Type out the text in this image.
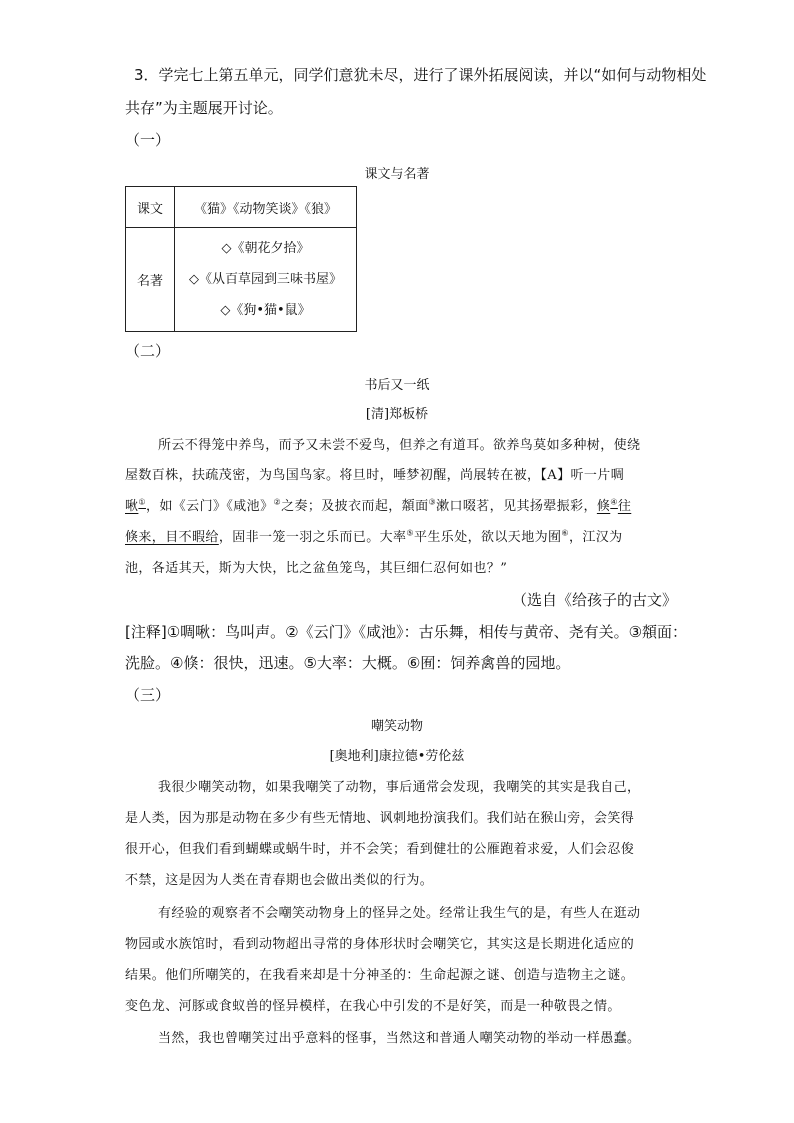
3．学完七上第五单元，同学们意犹未尽，进行了课外拓展阅读，并以“如何与动物相处
共存”为主题展开讨论。
（一）
课文与名著
课文	《猫》《动物笑谈》《狼》
名著	◇《朝花夕拾》
◇《从百草园到三味书屋》
◇《狗•猫•鼠》
（二）
书后又一纸
[清]郑板桥
所云不得笼中养鸟，而予又未尝不爱鸟，但养之有道耳。欲养鸟莫如多种树，使绕
屋数百株，扶疏茂密，为鸟国鸟家。将旦时，唾梦初醒，尚展转在被，【A】听一片啁
啾①，如《云门》《咸池》②之奏；及披衣而起，頮面③漱口啜茗，见其扬翚振彩，倏④往
倏来，目不暇给，固非一笼一羽之乐而已。大率⑤平生乐处，欲以天地为囿⑥，江汉为
池，各适其天，斯为大快，比之盆鱼笼鸟，其巨细仁忍何如也？”
（选自《给孩子的古文》
[注释]①啁啾：鸟叫声。②《云门》《咸池》：古乐舞，相传与黄帝、尧有关。③頮面：
洗脸。④倏：很快，迅速。⑤大率：大概。⑥囿：饲养禽兽的园地。
（三）
嘲笑动物
[奥地利]康拉德•劳伦兹
我很少嘲笑动物，如果我嘲笑了动物，事后通常会发现，我嘲笑的其实是我自己，
是人类，因为那是动物在多少有些无情地、讽刺地扮演我们。我们站在猴山旁，会笑得
很开心，但我们看到蝴蝶或蜗牛时，并不会笑；看到健壮的公雁跑着求爱，人们会忍俊
不禁，这是因为人类在青春期也会做出类似的行为。
有经验的观察者不会嘲笑动物身上的怪异之处。经常让我生气的是，有些人在逛动
物园或水族馆时，看到动物超出寻常的身体形状时会嘲笑它，其实这是长期进化适应的
结果。他们所嘲笑的，在我看来却是十分神圣的：生命起源之谜、创造与造物主之谜。
变色龙、河豚或食蚁兽的怪异模样，在我心中引发的不是好笑，而是一种敬畏之情。
当然，我也曾嘲笑过出乎意料的怪事，当然这和普通人嘲笑动物的举动一样愚蠢。
